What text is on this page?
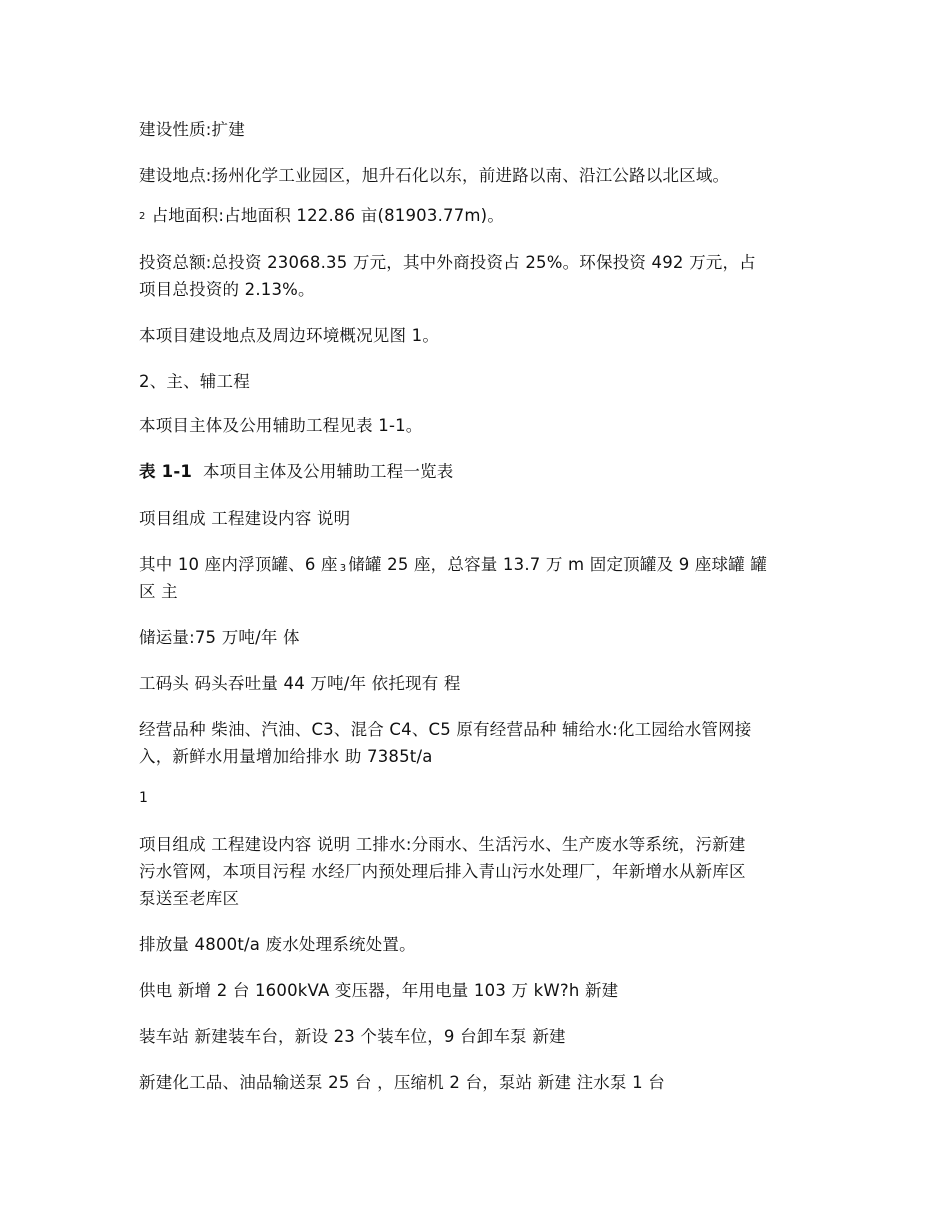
建设性质:扩建
建设地点:扬州化学工业园区，旭升石化以东，前进路以南、沿江公路以北区域。
2 占地面积:占地面积 122.86 亩(81903.77m)。
投资总额:总投资 23068.35 万元，其中外商投资占 25%。环保投资 492 万元，占
项目总投资的 2.13%。
本项目建设地点及周边环境概况见图 1。
2、主、辅工程
本项目主体及公用辅助工程见表 1-1。
表 1-1 本项目主体及公用辅助工程一览表
项目组成 工程建设内容 说明
其中 10 座内浮顶罐、6 座 3 储罐 25 座，总容量 13.7 万 m 固定顶罐及 9 座球罐 罐
区 主
储运量:75 万吨/年 体
工码头 码头吞吐量 44 万吨/年 依托现有 程
经营品种 柴油、汽油、C3、混合 C4、C5 原有经营品种 辅给水:化工园给水管网接
入，新鲜水用量增加给排水 助 7385t/a
1
项目组成 工程建设内容 说明 工排水:分雨水、生活污水、生产废水等系统，污新建
污水管网，本项目污程 水经厂内预处理后排入青山污水处理厂，年新增水从新库区
泵送至老库区
排放量 4800t/a 废水处理系统处置。
供电 新增 2 台 1600kVA 变压器，年用电量 103 万 kW?h 新建
装车站 新建装车台，新设 23 个装车位，9 台卸车泵 新建
新建化工品、油品输送泵 25 台 ，压缩机 2 台，泵站 新建 注水泵 1 台
